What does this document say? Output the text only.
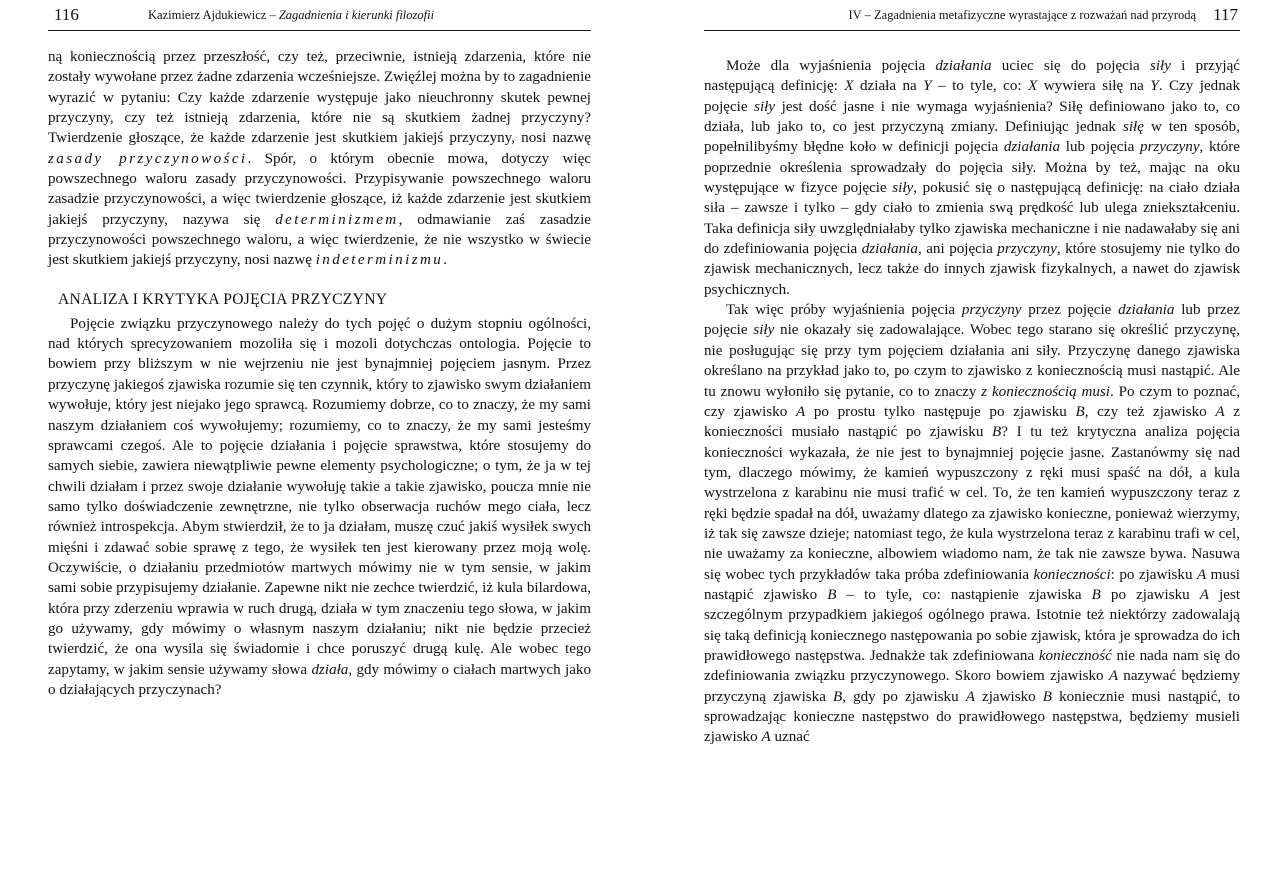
116	Kazimierz Ajdukiewicz – Zagadnienia i kierunki filozofii

ną koniecznością przez przeszłość, czy też, przeciwnie, istnieją zdarzenia, które nie zostały wywołane przez żadne zdarzenia wcześniejsze. Zwięźlej można by to zagadnienie wyrazić w pytaniu: Czy każde zdarzenie występuje jako nieuchronny skutek pewnej przyczyny, czy też istnieją zdarzenia, które nie są skutkiem żadnej przyczyny? Twierdzenie głoszące, że każde zdarzenie jest skutkiem jakiejś przyczyny, nosi nazwę zasady przyczynowości. Spór, o którym obecnie mowa, dotyczy więc powszechnego waloru zasady przyczynowości. Przypisywanie powszechnego waloru zasadzie przyczynowości, a więc twierdzenie głoszące, iż każde zdarzenie jest skutkiem jakiejś przyczyny, nazywa się determinizmem, odmawianie zaś zasadzie przyczynowości powszechnego waloru, a więc twierdzenie, że nie wszystko w świecie jest skutkiem jakiejś przyczyny, nosi nazwę indeterminizmu.

ANALIZA I KRYTYKA POJĘCIA PRZYCZYNY

Pojęcie związku przyczynowego należy do tych pojęć o dużym stopniu ogólności, nad których sprecyzowaniem mozoliła się i mozoli dotychczas ontologia. Pojęcie to bowiem przy bliższym w nie wejrzeniu nie jest bynajmniej pojęciem jasnym. Przez przyczynę jakiegoś zjawiska rozumie się ten czynnik, który to zjawisko swym działaniem wywołuje, który jest niejako jego sprawcą. Rozumiemy dobrze, co to znaczy, że my sami naszym działaniem coś wywołujemy; rozumiemy, co to znaczy, że my sami jesteśmy sprawcami czegoś. Ale to pojęcie działania i pojęcie sprawstwa, które stosujemy do samych siebie, zawiera niewątpliwie pewne elementy psychologiczne; o tym, że ja w tej chwili działam i przez swoje działanie wywołuję takie a takie zjawisko, poucza mnie nie samo tylko doświadczenie zewnętrzne, nie tylko obserwacja ruchów mego ciała, lecz również introspekcja. Abym stwierdził, że to ja działam, muszę czuć jakiś wysiłek swych mięśni i zdawać sobie sprawę z tego, że wysiłek ten jest kierowany przez moją wolę. Oczywiście, o działaniu przedmiotów martwych mówimy nie w tym sensie, w jakim sami sobie przypisujemy działanie. Zapewne nikt nie zechce twierdzić, iż kula bilardowa, która przy zderzeniu wprawia w ruch drugą, działa w tym znaczeniu tego słowa, w jakim go używamy, gdy mówimy o własnym naszym działaniu; nikt nie będzie przecież twierdzić, że ona wysila się świadomie i chce poruszyć drugą kulę. Ale wobec tego zapytamy, w jakim sensie używamy słowa działa, gdy mówimy o ciałach martwych jako o działających przyczynach?

IV – Zagadnienia metafizyczne wyrastające z rozważań nad przyrodą 117

Może dla wyjaśnienia pojęcia działania uciec się do pojęcia siły i przyjąć następującą definicję: X działa na Y – to tyle, co: X wywiera siłę na Y. Czy jednak pojęcie siły jest dość jasne i nie wymaga wyjaśnienia? Siłę definiowano jako to, co działa, lub jako to, co jest przyczyną zmiany. Definiując jednak siłę w ten sposób, popełnilibyśmy błędne koło w definicji pojęcia działania lub pojęcia przyczyny, które poprzednie określenia sprowadzały do pojęcia siły. Można by też, mając na oku występujące w fizyce pojęcie siły, pokusić się o następującą definicję: na ciało działa siła – zawsze i tylko – gdy ciało to zmienia swą prędkość lub ulega zniekształceniu. Taka definicja siły uwzględniałaby tylko zjawiska mechaniczne i nie nadawałaby się ani do zdefiniowania pojęcia działania, ani pojęcia przyczyny, które stosujemy nie tylko do zjawisk mechanicznych, lecz także do innych zjawisk fizykalnych, a nawet do zjawisk psychicznych.

Tak więc próby wyjaśnienia pojęcia przyczyny przez pojęcie działania lub przez pojęcie siły nie okazały się zadowalające. Wobec tego starano się określić przyczynę, nie posługując się przy tym pojęciem działania ani siły. Przyczynę danego zjawiska określano na przykład jako to, po czym to zjawisko z koniecznością musi nastąpić. Ale tu znowu wyłoniło się pytanie, co to znaczy z koniecznością musi. Po czym to poznać, czy zjawisko A po prostu tylko następuje po zjawisku B, czy też zjawisko A z konieczności musiało nastąpić po zjawisku B? I tu też krytyczna analiza pojęcia konieczności wykazała, że nie jest to bynajmniej pojęcie jasne. Zastanówmy się nad tym, dlaczego mówimy, że kamień wypuszczony z ręki musi spaść na dół, a kula wystrzelona z karabinu nie musi trafić w cel. To, że ten kamień wypuszczony teraz z ręki będzie spadał na dół, uważamy dlatego za zjawisko konieczne, ponieważ wierzymy, iż tak się zawsze dzieje; natomiast tego, że kula wystrzelona teraz z karabinu trafi w cel, nie uważamy za konieczne, albowiem wiadomo nam, że tak nie zawsze bywa. Nasuwa się wobec tych przykładów taka próba zdefiniowania konieczności: po zjawisku A musi nastąpić zjawisko B – to tyle, co: nastąpienie zjawiska B po zjawisku A jest szczególnym przypadkiem jakiegoś ogólnego prawa. Istotnie też niektórzy zadowalają się taką definicją koniecznego następowania po sobie zjawisk, która je sprowadza do ich prawidłowego następstwa. Jednakże tak zdefiniowana konieczność nie nada nam się do zdefiniowania związku przyczynowego. Skoro bowiem zjawisko A nazywać będziemy przyczyną zjawiska B, gdy po zjawisku A zjawisko B koniecznie musi nastąpić, to sprowadzając konieczne następstwo do prawidłowego następstwa, będziemy musieli zjawisko A uznać
